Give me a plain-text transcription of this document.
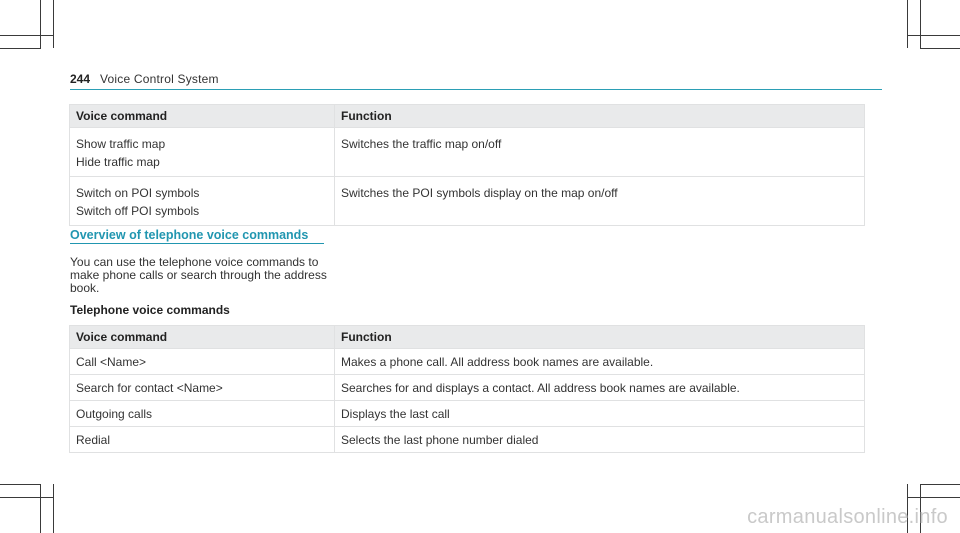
244 Voice Control System
Voice command	Function

Show traffic map
Hide traffic map	Switches the traffic map on/off

Switch on POI symbols
Switch off POI symbols	Switches the POI symbols display on the map on/off
Overview of telephone voice commands
You can use the telephone voice commands to make phone calls or search through the address book.
Telephone voice commands
Voice command	Function
Call <Name>	Makes a phone call. All address book names are available.
Search for contact <Name>	Searches for and displays a contact. All address book names are available.
Outgoing calls	Displays the last call
Redial	Selects the last phone number dialed
carmanualsonline.info
